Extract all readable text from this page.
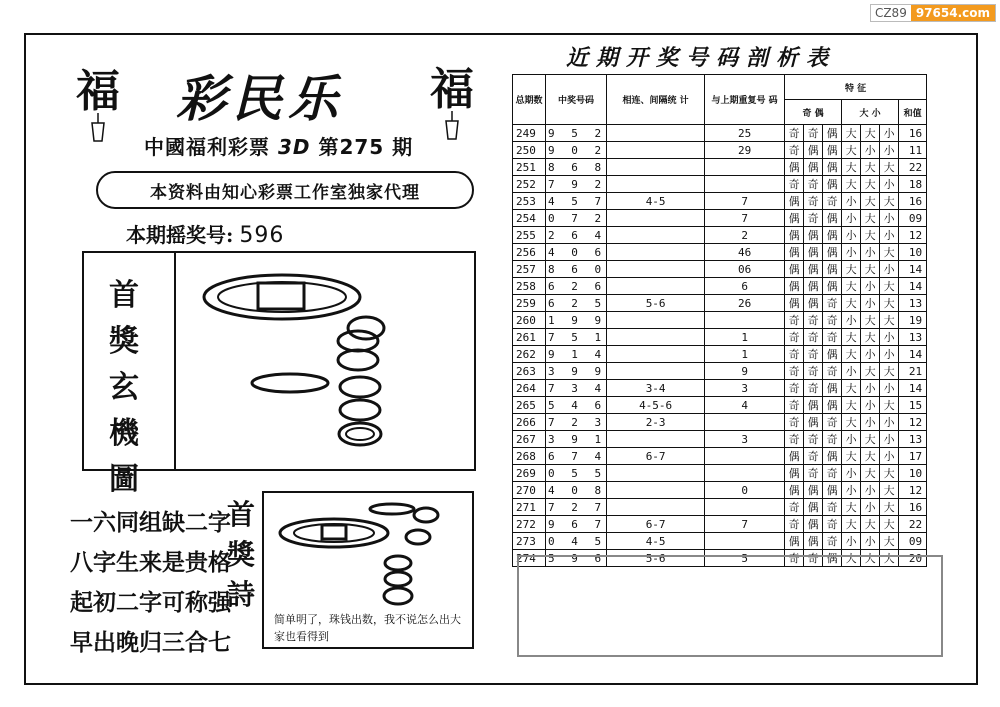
CZ89 97654.com
福	福
彩民乐
中國福利彩票 3D 第275 期
本资料由知心彩票工作室独家代理
本期摇奖号: 596
首
獎
玄
機
圖
一六同组缺二字
八字生来是贵格
起初二字可称强
早出晚归三合七
首
獎
詩
简单明了，珠钱出数，我不说怎么出大家也看得到
近期开奖号码剖析表
总期数	中奖号码	相连、间隔统 计	与上期重复号 码	特 征						
				奇 偶			大 小			和值
249	9 5 2		25	奇	奇	偶	大	大	小	16
250	9 0 2		29	奇	偶	偶	大	小	小	11
251	8 6 8			偶	偶	偶	大	大	大	22
252	7 9 2			奇	奇	偶	大	大	小	18
253	4 5 7	4-5	7	偶	奇	奇	小	大	大	16
254	0 7 2		7	偶	奇	偶	小	大	小	09
255	2 6 4		2	偶	偶	偶	小	大	小	12
256	4 0 6		46	偶	偶	偶	小	小	大	10
257	8 6 0		06	偶	偶	偶	大	大	小	14
258	6 2 6		6	偶	偶	偶	大	小	大	14
259	6 2 5	5-6	26	偶	偶	奇	大	小	大	13
260	1 9 9			奇	奇	奇	小	大	大	19
261	7 5 1		1	奇	奇	奇	大	大	小	13
262	9 1 4		1	奇	奇	偶	大	小	小	14
263	3 9 9		9	奇	奇	奇	小	大	大	21
264	7 3 4	3-4	3	奇	奇	偶	大	小	小	14
265	5 4 6	4-5-6	4	奇	偶	偶	大	小	大	15
266	7 2 3	2-3		奇	偶	奇	大	小	小	12
267	3 9 1		3	奇	奇	奇	小	大	小	13
268	6 7 4	6-7		偶	奇	偶	大	大	小	17
269	0 5 5			偶	奇	奇	小	大	大	10
270	4 0 8		0	偶	偶	偶	小	小	大	12
271	7 2 7			奇	偶	奇	大	小	大	16
272	9 6 7	6-7	7	奇	偶	奇	大	大	大	22
273	0 4 5	4-5		偶	偶	奇	小	小	大	09
274	5 9 6	5-6	5	奇	奇	偶	大	大	大	20
